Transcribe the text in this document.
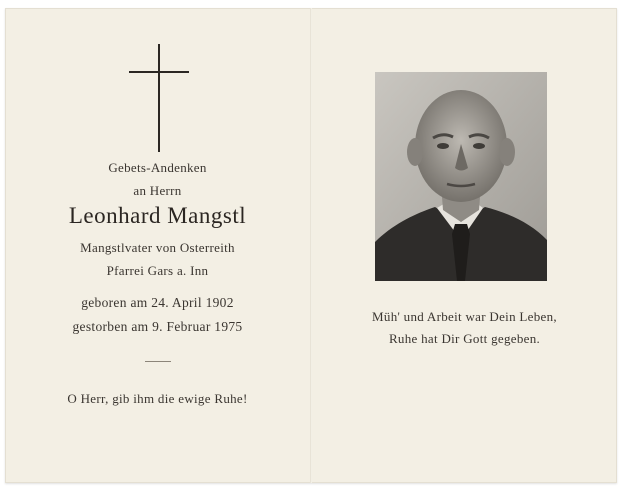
Gebets-Andenken
an Herrn
Leonhard Mangstl
Mangstlvater von Osterreith
Pfarrei Gars a. Inn
geboren am 24. April 1902
gestorben am 9. Februar 1975
O Herr, gib ihm die ewige Ruhe!
Müh' und Arbeit war Dein Leben,
Ruhe hat Dir Gott gegeben.
